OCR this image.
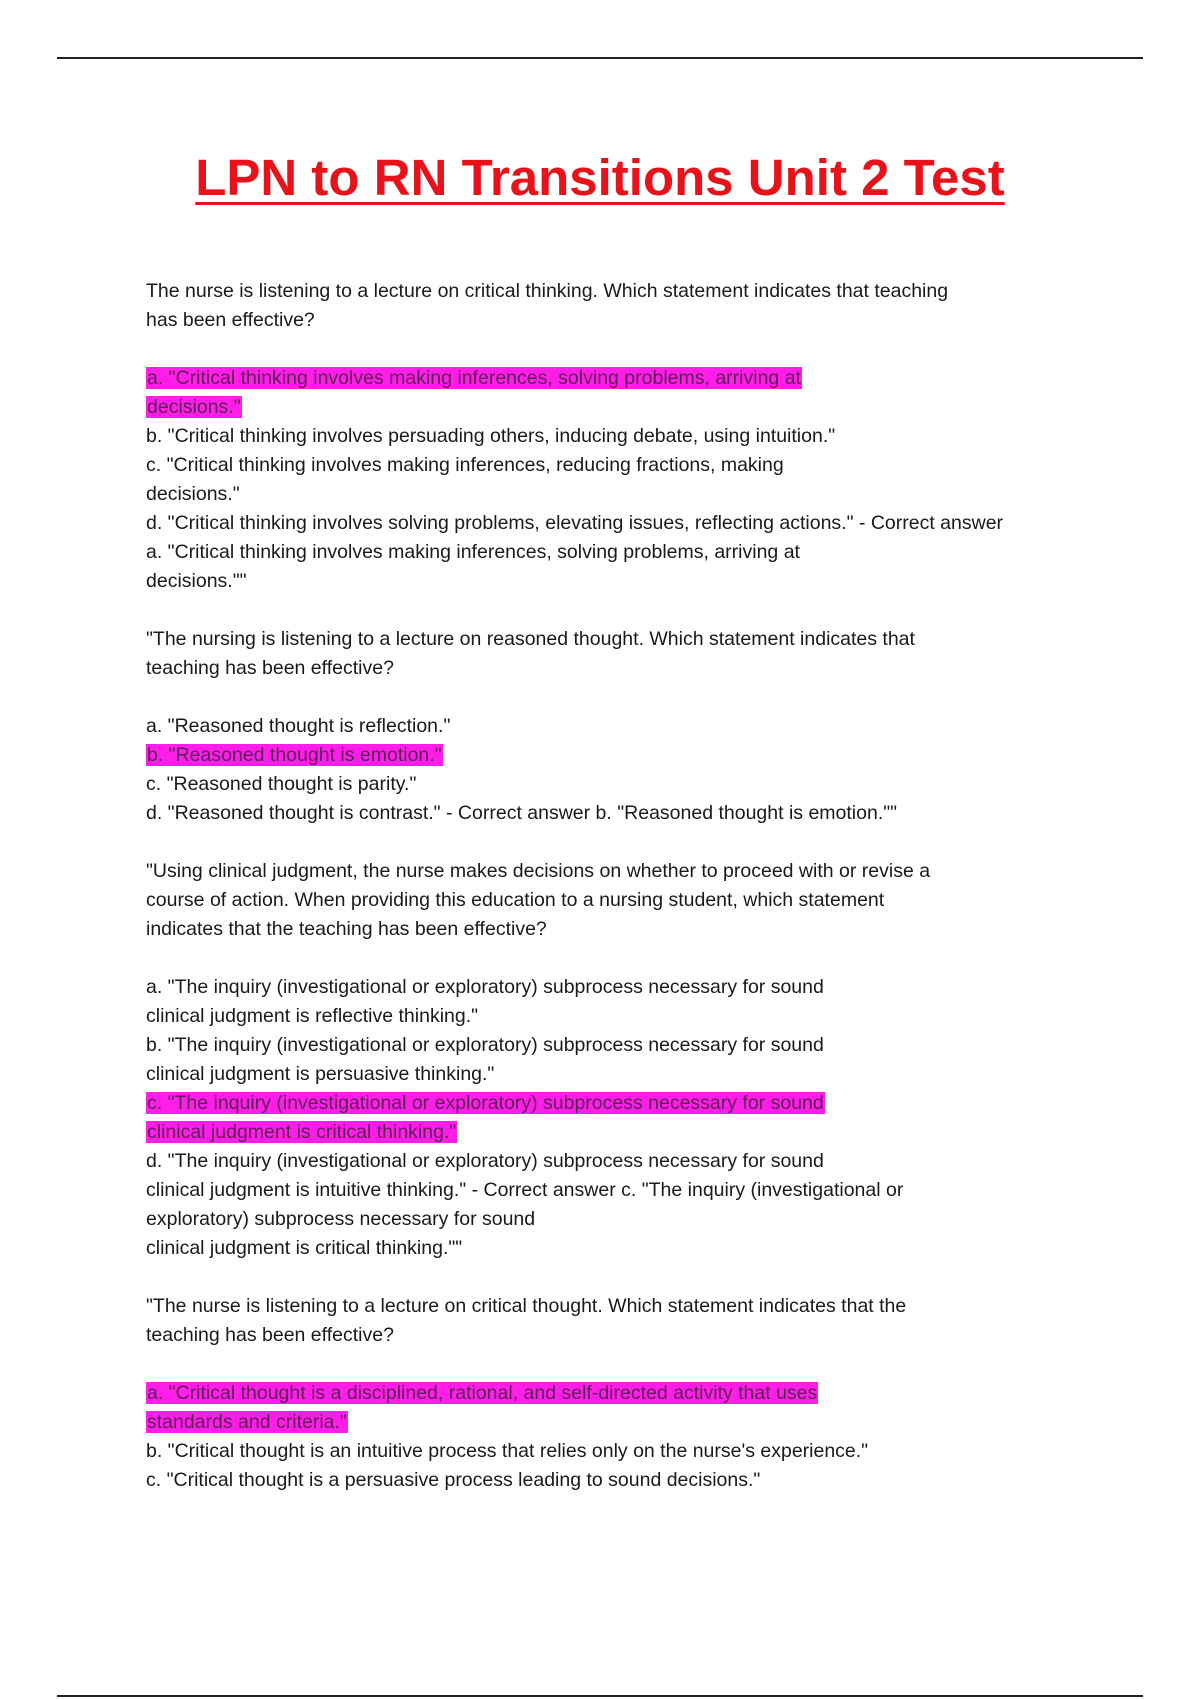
LPN to RN Transitions Unit 2 Test
The nurse is listening to a lecture on critical thinking. Which statement indicates that teaching
has been effective?
a. "Critical thinking involves making inferences, solving problems, arriving at
decisions."
b. "Critical thinking involves persuading others, inducing debate, using intuition."
c. "Critical thinking involves making inferences, reducing fractions, making
decisions."
d. "Critical thinking involves solving problems, elevating issues, reflecting actions." - Correct answer
a. "Critical thinking involves making inferences, solving problems, arriving at
decisions.""
"The nursing is listening to a lecture on reasoned thought. Which statement indicates that
teaching has been effective?
a. "Reasoned thought is reflection."
b. "Reasoned thought is emotion."
c. "Reasoned thought is parity."
d. "Reasoned thought is contrast." - Correct answer b. "Reasoned thought is emotion.""
"Using clinical judgment, the nurse makes decisions on whether to proceed with or revise a
course of action. When providing this education to a nursing student, which statement
indicates that the teaching has been effective?
a. "The inquiry (investigational or exploratory) subprocess necessary for sound
clinical judgment is reflective thinking."
b. "The inquiry (investigational or exploratory) subprocess necessary for sound
clinical judgment is persuasive thinking."
c. "The inquiry (investigational or exploratory) subprocess necessary for sound
clinical judgment is critical thinking."
d. "The inquiry (investigational or exploratory) subprocess necessary for sound
clinical judgment is intuitive thinking." - Correct answer c. "The inquiry (investigational or
exploratory) subprocess necessary for sound
clinical judgment is critical thinking.""
"The nurse is listening to a lecture on critical thought. Which statement indicates that the
teaching has been effective?
a. "Critical thought is a disciplined, rational, and self-directed activity that uses
standards and criteria."
b. "Critical thought is an intuitive process that relies only on the nurse's experience."
c. "Critical thought is a persuasive process leading to sound decisions."
